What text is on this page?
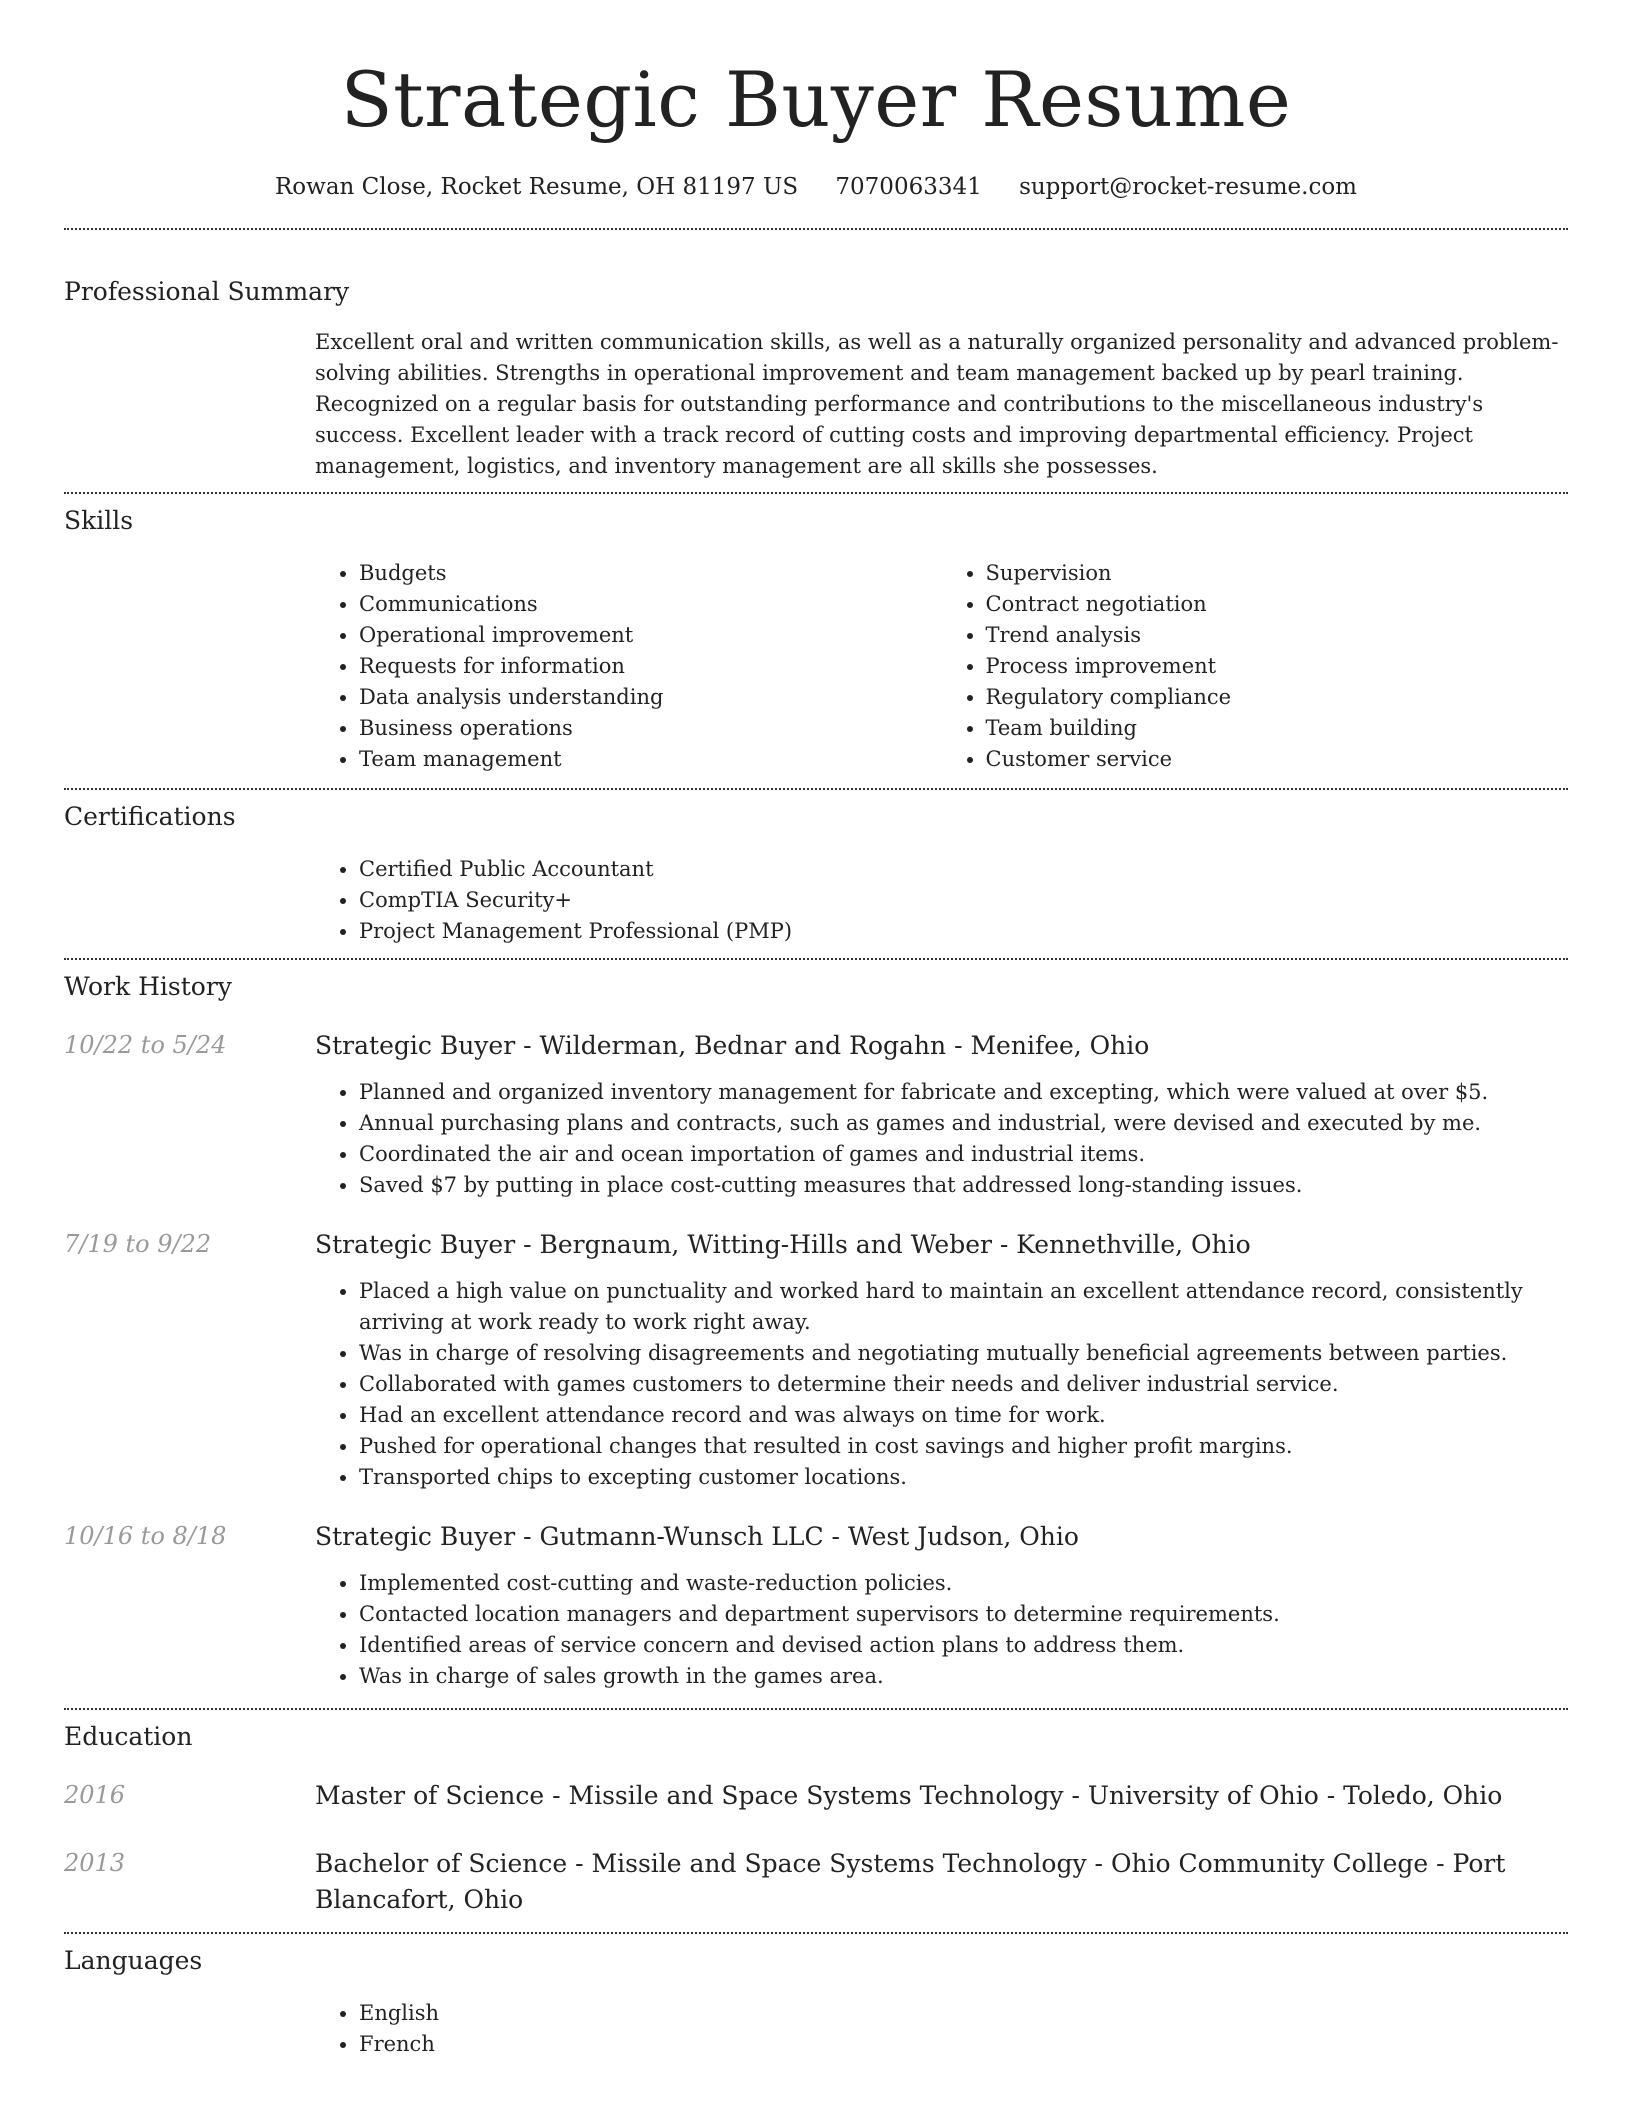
Strategic Buyer Resume
Rowan Close, Rocket Resume, OH 81197 US 7070063341 support@rocket-resume.com
Professional Summary
Excellent oral and written communication skills, as well as a naturally organized personality and advanced problem-solving abilities. Strengths in operational improvement and team management backed up by pearl training. Recognized on a regular basis for outstanding performance and contributions to the miscellaneous industry's success. Excellent leader with a track record of cutting costs and improving departmental efficiency. Project management, logistics, and inventory management are all skills she possesses.
Skills
• Budgets
• Communications
• Operational improvement
• Requests for information
• Data analysis understanding
• Business operations
• Team management
• Supervision
• Contract negotiation
• Trend analysis
• Process improvement
• Regulatory compliance
• Team building
• Customer service
Certifications
• Certified Public Accountant
• CompTIA Security+
• Project Management Professional (PMP)
Work History
10/22 to 5/24	Strategic Buyer - Wilderman, Bednar and Rogahn - Menifee, Ohio
• Planned and organized inventory management for fabricate and excepting, which were valued at over $5.
• Annual purchasing plans and contracts, such as games and industrial, were devised and executed by me.
• Coordinated the air and ocean importation of games and industrial items.
• Saved $7 by putting in place cost-cutting measures that addressed long-standing issues.
7/19 to 9/22	Strategic Buyer - Bergnaum, Witting-Hills and Weber - Kennethville, Ohio
• Placed a high value on punctuality and worked hard to maintain an excellent attendance record, consistently arriving at work ready to work right away.
• Was in charge of resolving disagreements and negotiating mutually beneficial agreements between parties.
• Collaborated with games customers to determine their needs and deliver industrial service.
• Had an excellent attendance record and was always on time for work.
• Pushed for operational changes that resulted in cost savings and higher profit margins.
• Transported chips to excepting customer locations.
10/16 to 8/18	Strategic Buyer - Gutmann-Wunsch LLC - West Judson, Ohio
• Implemented cost-cutting and waste-reduction policies.
• Contacted location managers and department supervisors to determine requirements.
• Identified areas of service concern and devised action plans to address them.
• Was in charge of sales growth in the games area.
Education
2016	Master of Science - Missile and Space Systems Technology - University of Ohio - Toledo, Ohio
2013	Bachelor of Science - Missile and Space Systems Technology - Ohio Community College - Port Blancafort, Ohio
Languages
• English
• French
